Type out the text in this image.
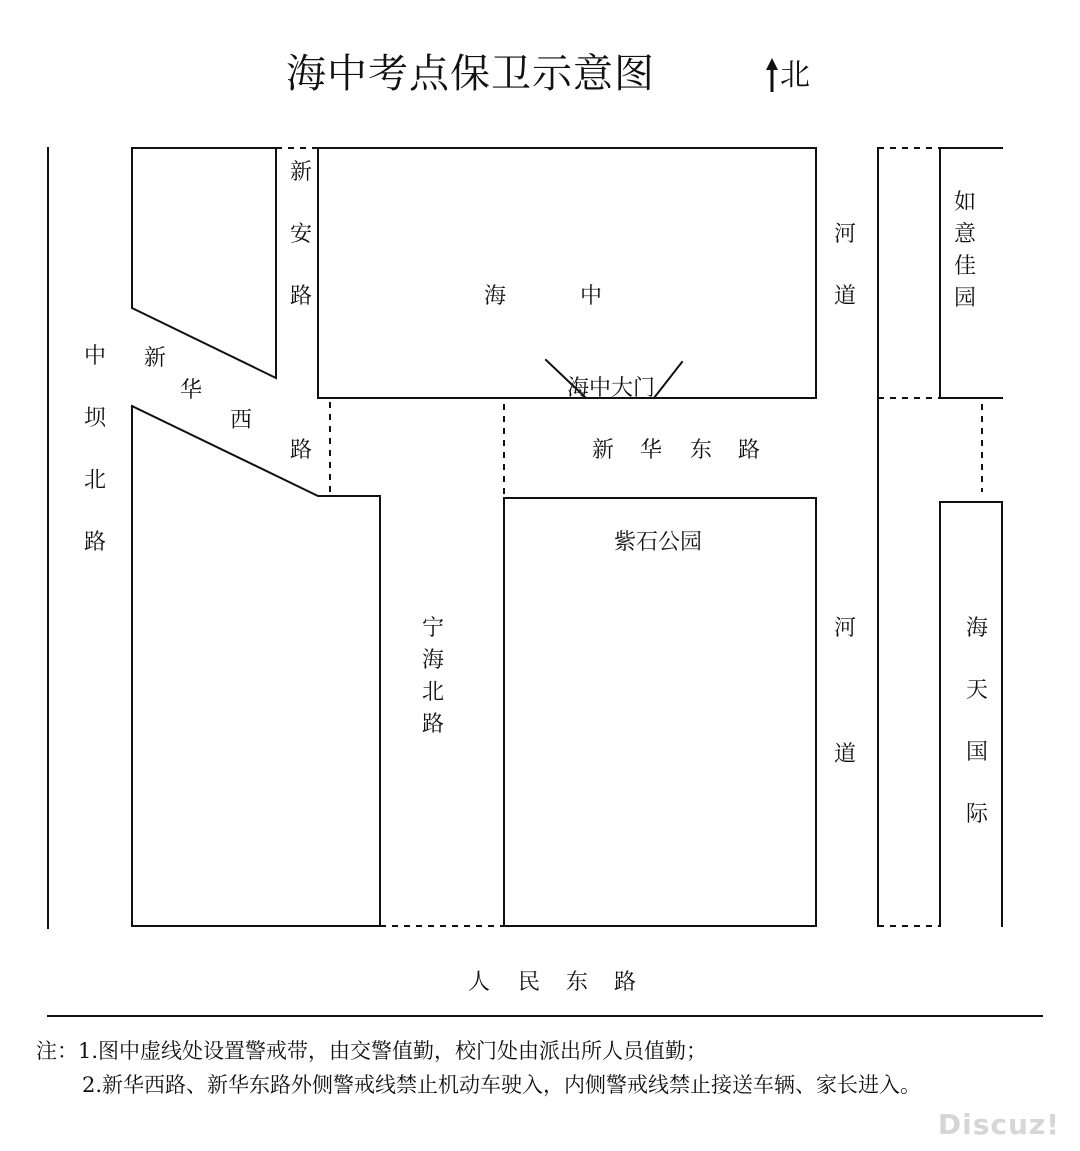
海中考点保卫示意图	北
中
坝
北
路
新
安
路
新
华
西
路
海	中
海中大门
新 华 东 路
紫石公园
宁
海
北
路
河
道
河
道
如
意
佳
园
海
天
国
际
人 民 东 路
注：1.图中虚线处设置警戒带，由交警值勤，校门处由派出所人员值勤；
2.新华西路、新华东路外侧警戒线禁止机动车驶入，内侧警戒线禁止接送车辆、家长进入。
Discuz!
